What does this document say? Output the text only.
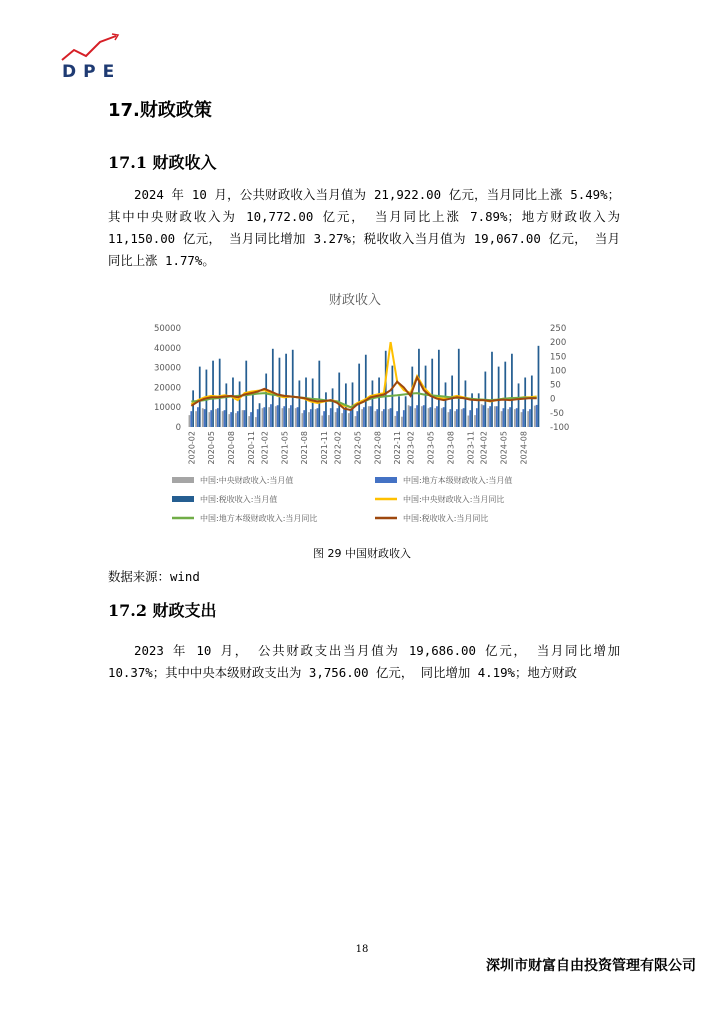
DPE
17.财政政策
17.1 财政收入
2024 年 10 月，公共财政收入当月值为 21,922.00 亿元，当月同比上涨 5.49%；其中中央财政收入为 10,772.00 亿元， 当月同比上涨 7.89%；地方财政收入为 11,150.00 亿元， 当月同比增加 3.27%；税收收入当月值为 19,067.00 亿元， 当月同比上涨 1.77%。
财政收入
0
10000
20000
30000
40000
50000
-100
-50
0
50
100
150
200
250
2020-02 2020-05 2020-08 2020-11 2021-02 2021-05 2021-08 2021-11 2022-02 2022-05 2022-08 2022-11 2023-02 2023-05 2023-08 2023-11 2024-02 2024-05 2024-08
中国:中央财政收入:当月值	中国:地方本级财政收入:当月值
中国:税收收入:当月值	中国:中央财政收入:当月同比
中国:地方本级财政收入:当月同比	中国:税收收入:当月同比
图 29 中国财政收入
数据来源：wind
17.2 财政支出
2023 年 10 月， 公共财政支出当月值为 19,686.00 亿元， 当月同比增加 10.37%；其中中央本级财政支出为 3,756.00 亿元， 同比增加 4.19%；地方财政
18
深圳市财富自由投资管理有限公司
